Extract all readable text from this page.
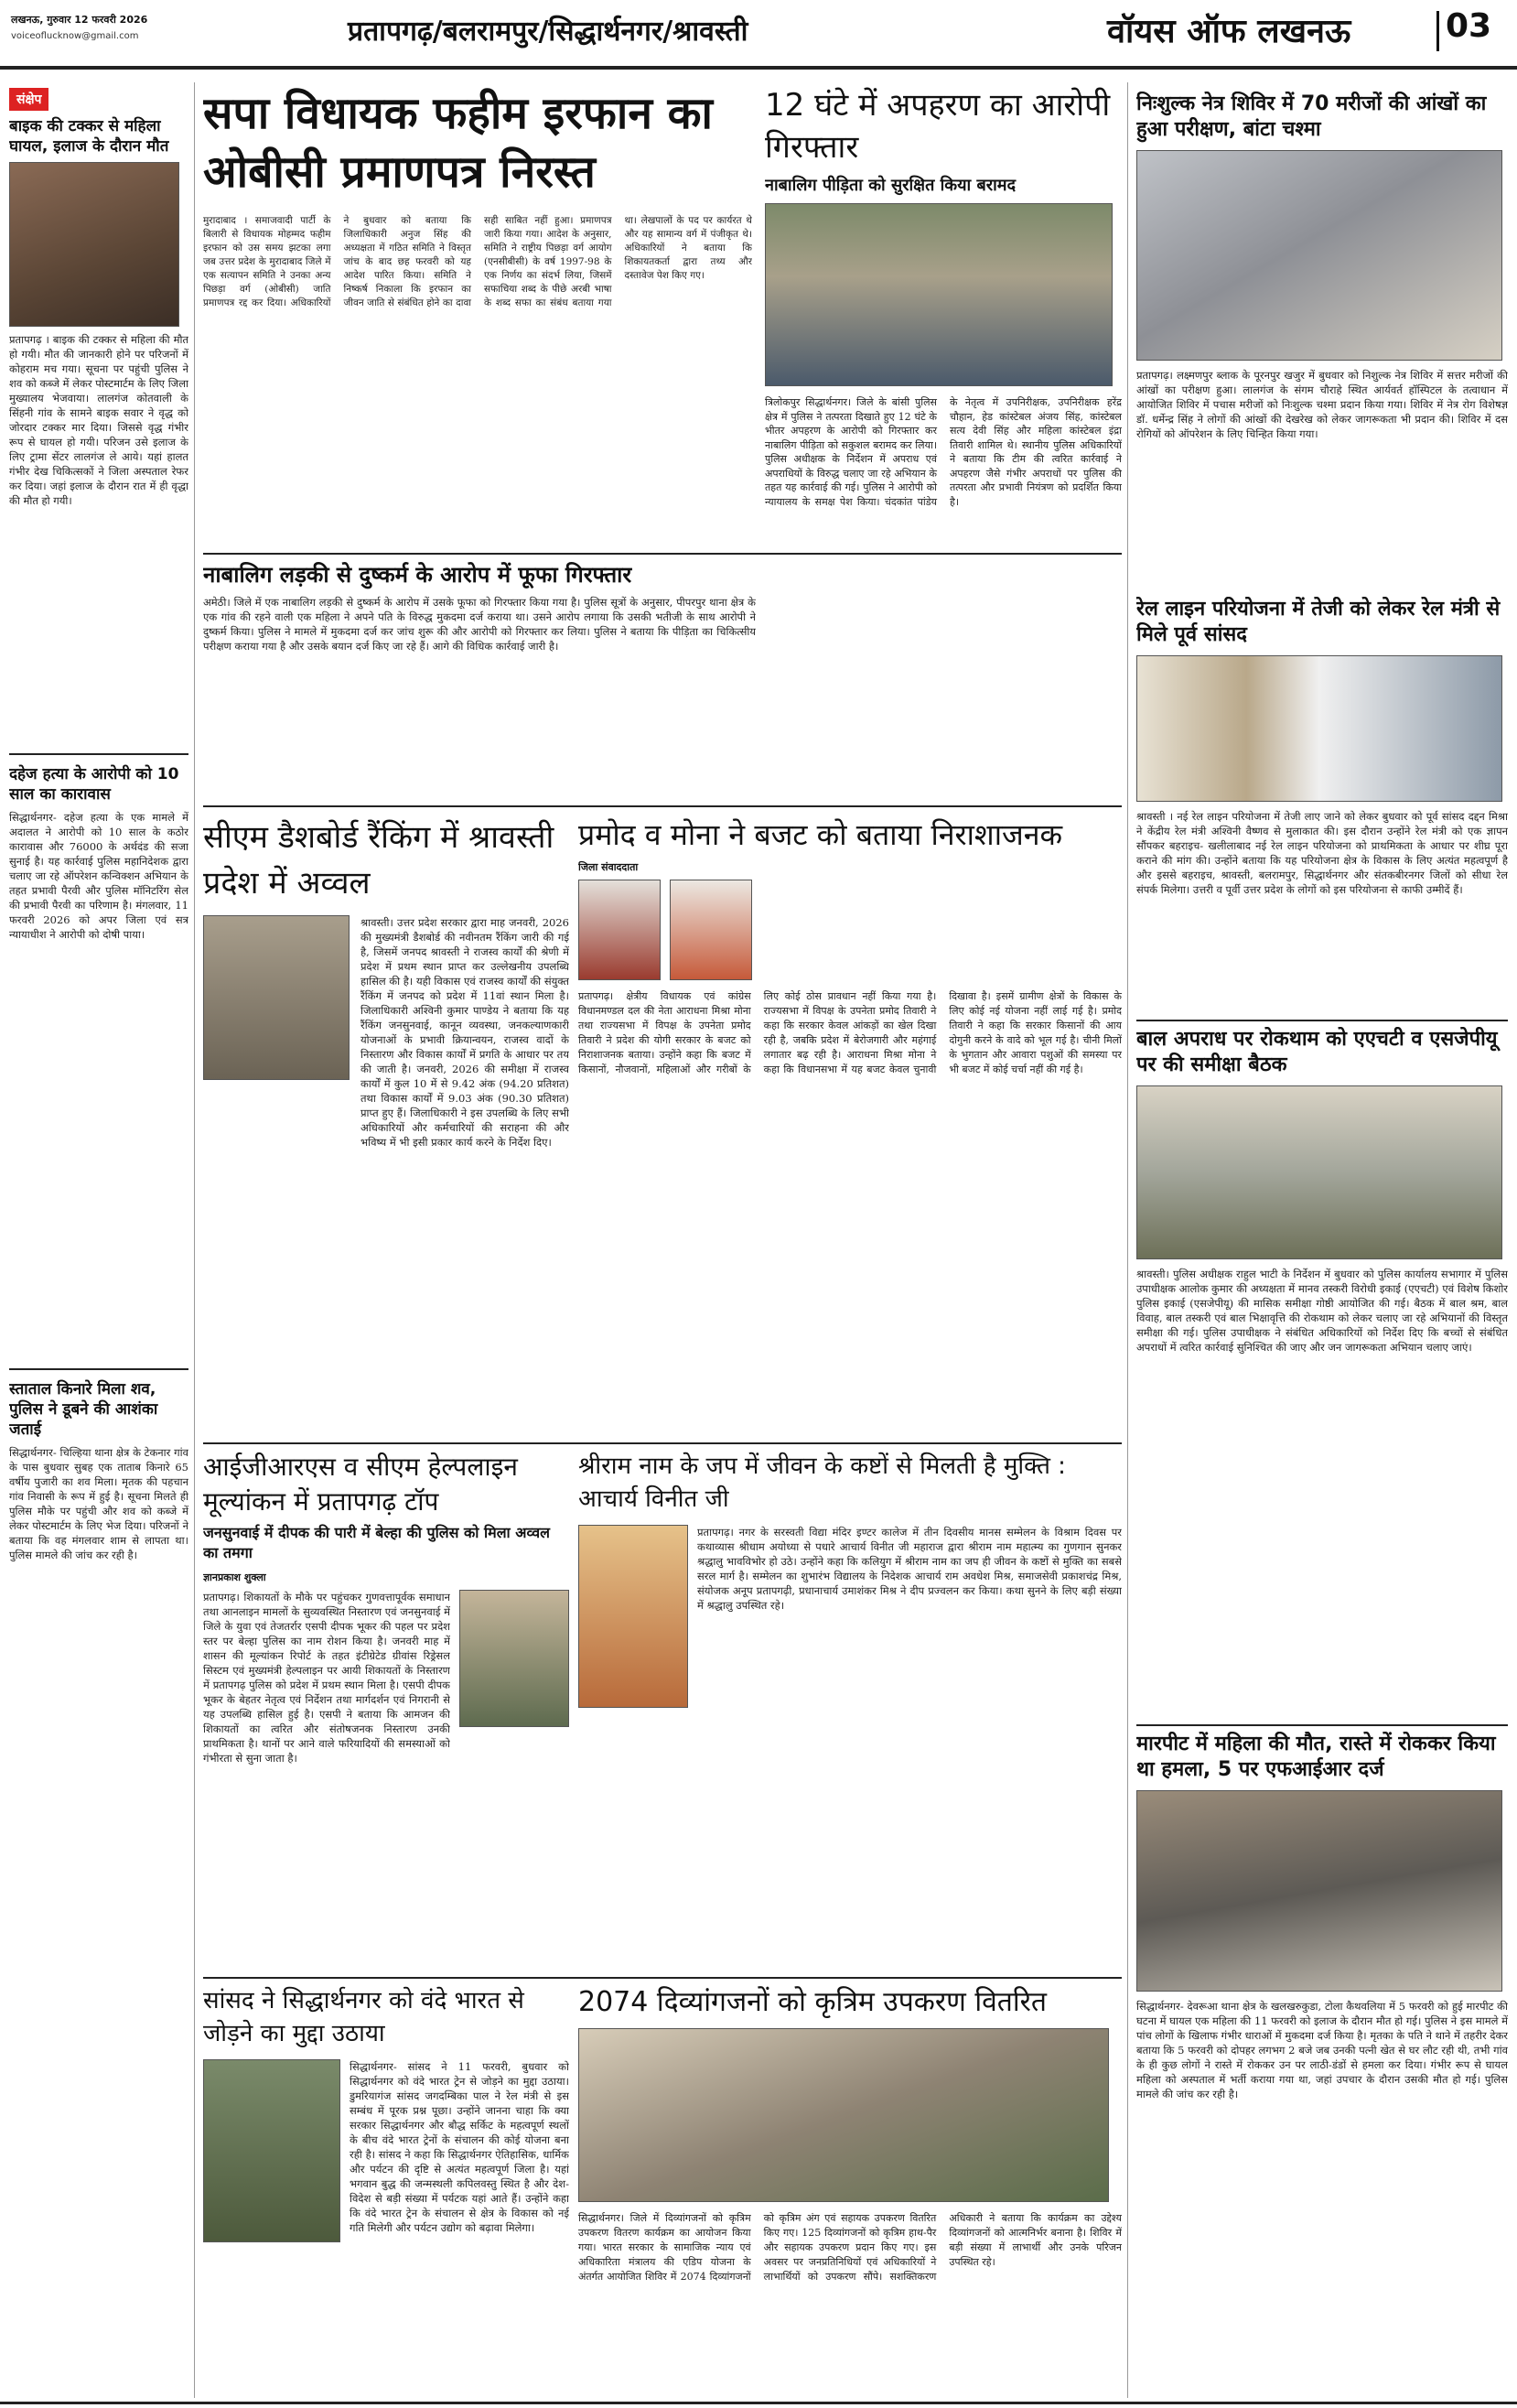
लखनऊ, गुरुवार 12 फरवरी 2026
voiceoflucknow@gmail.com	प्रतापगढ़/बलरामपुर/सिद्धार्थनगर/श्रावस्ती	वॉयस ऑफ लखनऊ	03
संक्षेप
बाइक की टक्कर से महिला घायल, इलाज के दौरान मौत
प्रतापगढ़ । बाइक की टक्कर से महिला की मौत हो गयी। मौत की जानकारी होने पर परिजनों में कोहराम मच गया। सूचना पर पहुंची पुलिस ने शव को कब्जे में लेकर पोस्टमार्टम के लिए जिला मुख्यालय भेजवाया। लालगंज कोतवाली के सिंहनी गांव के सामने बाइक सवार ने वृद्ध को जोरदार टक्कर मार दिया। जिससे वृद्ध गंभीर रूप से घायल हो गयी। परिजन उसे इलाज के लिए ट्रामा सेंटर लालगंज ले आये। यहां हालत गंभीर देख चिकित्सकों ने जिला अस्पताल रेफर कर दिया। जहां इलाज के दौरान रात में ही वृद्धा की मौत हो गयी।
दहेज हत्या के आरोपी को 10 साल का कारावास
सिद्धार्थनगर- दहेज हत्या के एक मामले में अदालत ने आरोपी को 10 साल के कठोर कारावास और 76000 के अर्थदंड की सजा सुनाई है। यह कार्रवाई पुलिस महानिदेशक द्वारा चलाए जा रहे ऑपरेशन कन्विक्शन अभियान के तहत प्रभावी पैरवी और पुलिस मॉनिटरिंग सेल की प्रभावी पैरवी का परिणाम है। मंगलवार, 11 फरवरी 2026 को अपर जिला एवं सत्र न्यायाधीश ने आरोपी को दोषी पाया।
स्ताताल किनारे मिला शव, पुलिस ने डूबने की आशंका जताई
सिद्धार्थनगर- चिल्हिया थाना क्षेत्र के टेकनार गांव के पास बुधवार सुबह एक ताताब किनारे 65 वर्षीय पुजारी का शव मिला। मृतक की पहचान गांव निवासी के रूप में हुई है। सूचना मिलते ही पुलिस मौके पर पहुंची और शव को कब्जे में लेकर पोस्टमार्टम के लिए भेज दिया। परिजनों ने बताया कि वह मंगलवार शाम से लापता था। पुलिस मामले की जांच कर रही है।
सपा विधायक फहीम इरफान का ओबीसी प्रमाणपत्र निरस्त
मुरादाबाद । समाजवादी पार्टी के बिलारी से विधायक मोहम्मद फहीम इरफान को उस समय झटका लगा जब उत्तर प्रदेश के मुरादाबाद जिले में एक सत्यापन समिति ने उनका अन्य पिछड़ा वर्ग (ओबीसी) जाति प्रमाणपत्र रद्द कर दिया। अधिकारियों ने बुधवार को बताया कि जिलाधिकारी अनुज सिंह की अध्यक्षता में गठित समिति ने विस्तृत जांच के बाद छह फरवरी को यह आदेश पारित किया। समिति ने निष्कर्ष निकाला कि इरफान का जीवन जाति से संबंधित होने का दावा सही साबित नहीं हुआ। प्रमाणपत्र जारी किया गया। आदेश के अनुसार, समिति ने राष्ट्रीय पिछड़ा वर्ग आयोग (एनसीबीसी) के वर्ष 1997-98 के एक निर्णय का संदर्भ लिया, जिसमें सफाचिया शब्द के पीछे अरबी भाषा के शब्द सफा का संबंध बताया गया था। लेखपालों के पद पर कार्यरत थे और यह सामान्य वर्ग में पंजीकृत थे। अधिकारियों ने बताया कि शिकायतकर्ता द्वारा तथ्य और दस्तावेज पेश किए गए।
12 घंटे में अपहरण का आरोपी गिरफ्तार
नाबालिग पीड़िता को सुरक्षित किया बरामद
त्रिलोकपुर सिद्धार्थनगर। जिले के बांसी पुलिस क्षेत्र में पुलिस ने तत्परता दिखाते हुए 12 घंटे के भीतर अपहरण के आरोपी को गिरफ्तार कर नाबालिग पीड़िता को सकुशल बरामद कर लिया। पुलिस अधीक्षक के निर्देशन में अपराध एवं अपराधियों के विरुद्ध चलाए जा रहे अभियान के तहत यह कार्रवाई की गई। पुलिस ने आरोपी को न्यायालय के समक्ष पेश किया। चंदकांत पांडेय के नेतृत्व में उपनिरीक्षक, उपनिरीक्षक हरेंद्र चौहान, हेड कांस्टेबल अंजय सिंह, कांस्टेबल सत्य देवी सिंह और महिला कांस्टेबल इंद्रा तिवारी शामिल थे। स्थानीय पुलिस अधिकारियों ने बताया कि टीम की त्वरित कार्रवाई ने अपहरण जैसे गंभीर अपराधों पर पुलिस की तत्परता और प्रभावी नियंत्रण को प्रदर्शित किया है।
निःशुल्क नेत्र शिविर में 70 मरीजों की आंखों का हुआ परीक्षण, बांटा चश्मा
प्रतापगढ़। लक्ष्मणपुर ब्लाक के पूरनपुर खजुर में बुधवार को निशुल्क नेत्र शिविर में सत्तर मरीजों की आंखों का परीक्षण हुआ। लालगंज के संगम चौराहे स्थित आर्यवर्त हॉस्पिटल के तत्वाधान में आयोजित शिविर में पचास मरीजों को निःशुल्क चश्मा प्रदान किया गया। शिविर में नेत्र रोग विशेषज्ञ डॉ. धर्मेन्द्र सिंह ने लोगों की आंखों की देखरेख को लेकर जागरूकता भी प्रदान की। शिविर में दस रोगियों को ऑपरेशन के लिए चिन्हित किया गया।
रेल लाइन परियोजना में तेजी को लेकर रेल मंत्री से मिले पूर्व सांसद
श्रावस्ती । नई रेल लाइन परियोजना में तेजी लाए जाने को लेकर बुधवार को पूर्व सांसद दद्दन मिश्रा ने केंद्रीय रेल मंत्री अश्विनी वैष्णव से मुलाकात की। इस दौरान उन्होंने रेल मंत्री को एक ज्ञापन सौंपकर बहराइच- खलीलाबाद नई रेल लाइन परियोजना को प्राथमिकता के आधार पर शीघ्र पूरा कराने की मांग की। उन्होंने बताया कि यह परियोजना क्षेत्र के विकास के लिए अत्यंत महत्वपूर्ण है और इससे बहराइच, श्रावस्ती, बलरामपुर, सिद्धार्थनगर और संतकबीरनगर जिलों को सीधा रेल संपर्क मिलेगा। उत्तरी व पूर्वी उत्तर प्रदेश के लोगों को इस परियोजना से काफी उम्मीदें हैं।
बाल अपराध पर रोकथाम को एएचटी व एसजेपीयू पर की समीक्षा बैठक
श्रावस्ती। पुलिस अधीक्षक राहुल भाटी के निर्देशन में बुधवार को पुलिस कार्यालय सभागार में पुलिस उपाधीक्षक आलोक कुमार की अध्यक्षता में मानव तस्करी विरोधी इकाई (एएचटी) एवं विशेष किशोर पुलिस इकाई (एसजेपीयू) की मासिक समीक्षा गोष्ठी आयोजित की गई। बैठक में बाल श्रम, बाल विवाह, बाल तस्करी एवं बाल भिक्षावृत्ति की रोकथाम को लेकर चलाए जा रहे अभियानों की विस्तृत समीक्षा की गई। पुलिस उपाधीक्षक ने संबंधित अधिकारियों को निर्देश दिए कि बच्चों से संबंधित अपराधों में त्वरित कार्रवाई सुनिश्चित की जाए और जन जागरूकता अभियान चलाए जाएं।
मारपीट में महिला की मौत, रास्ते में रोककर किया था हमला, 5 पर एफआईआर दर्ज
सिद्धार्थनगर- देवरूआ थाना क्षेत्र के खलखरुकुडा, टोला कैथवलिया में 5 फरवरी को हुई मारपीट की घटना में घायल एक महिला की 11 फरवरी को इलाज के दौरान मौत हो गई। पुलिस ने इस मामले में पांच लोगों के खिलाफ गंभीर धाराओं में मुकदमा दर्ज किया है। मृतका के पति ने थाने में तहरीर देकर बताया कि 5 फरवरी को दोपहर लगभग 2 बजे जब उनकी पत्नी खेत से घर लौट रही थी, तभी गांव के ही कुछ लोगों ने रास्ते में रोककर उन पर लाठी-डंडों से हमला कर दिया। गंभीर रूप से घायल महिला को अस्पताल में भर्ती कराया गया था, जहां उपचार के दौरान उसकी मौत हो गई। पुलिस मामले की जांच कर रही है।
नाबालिग लड़की से दुष्कर्म के आरोप में फूफा गिरफ्तार
अमेठी। जिले में एक नाबालिग लड़की से दुष्कर्म के आरोप में उसके फूफा को गिरफ्तार किया गया है। पुलिस सूत्रों के अनुसार, पीपरपुर थाना क्षेत्र के एक गांव की रहने वाली एक महिला ने अपने पति के विरुद्ध मुकदमा दर्ज कराया था। उसने आरोप लगाया कि उसकी भतीजी के साथ आरोपी ने दुष्कर्म किया। पुलिस ने मामले में मुकदमा दर्ज कर जांच शुरू की और आरोपी को गिरफ्तार कर लिया। पुलिस ने बताया कि पीड़िता का चिकित्सीय परीक्षण कराया गया है और उसके बयान दर्ज किए जा रहे हैं। आगे की विधिक कार्रवाई जारी है।
सीएम डैशबोर्ड रैंकिंग में श्रावस्ती प्रदेश में अव्वल
श्रावस्ती। उत्तर प्रदेश सरकार द्वारा माह जनवरी, 2026 की मुख्यमंत्री डैशबोर्ड की नवीनतम रैंकिंग जारी की गई है, जिसमें जनपद श्रावस्ती ने राजस्व कार्यों की श्रेणी में प्रदेश में प्रथम स्थान प्राप्त कर उल्लेखनीय उपलब्धि हासिल की है। यही विकास एवं राजस्व कार्यों की संयुक्त रैंकिंग में जनपद को प्रदेश में 11वां स्थान मिला है। जिलाधिकारी अश्विनी कुमार पाण्डेय ने बताया कि यह रैंकिंग जनसुनवाई, कानून व्यवस्था, जनकल्याणकारी योजनाओं के प्रभावी क्रियान्वयन, राजस्व वादों के निस्तारण और विकास कार्यों में प्रगति के आधार पर तय की जाती है। जनवरी, 2026 की समीक्षा में राजस्व कार्यों में कुल 10 में से 9.42 अंक (94.20 प्रतिशत) तथा विकास कार्यों में 9.03 अंक (90.30 प्रतिशत) प्राप्त हुए हैं। जिलाधिकारी ने इस उपलब्धि के लिए सभी अधिकारियों और कर्मचारियों की सराहना की और भविष्य में भी इसी प्रकार कार्य करने के निर्देश दिए।
प्रमोद व मोना ने बजट को बताया निराशाजनक
जिला संवाददाता
प्रतापगढ़। क्षेत्रीय विधायक एवं कांग्रेस विधानमण्डल दल की नेता आराधना मिश्रा मोना तथा राज्यसभा में विपक्ष के उपनेता प्रमोद तिवारी ने प्रदेश की योगी सरकार के बजट को निराशाजनक बताया। उन्होंने कहा कि बजट में किसानों, नौजवानों, महिलाओं और गरीबों के लिए कोई ठोस प्रावधान नहीं किया गया है। राज्यसभा में विपक्ष के उपनेता प्रमोद तिवारी ने कहा कि सरकार केवल आंकड़ों का खेल दिखा रही है, जबकि प्रदेश में बेरोजगारी और महंगाई लगातार बढ़ रही है। आराधना मिश्रा मोना ने कहा कि विधानसभा में यह बजट केवल चुनावी दिखावा है। इसमें ग्रामीण क्षेत्रों के विकास के लिए कोई नई योजना नहीं लाई गई है। प्रमोद तिवारी ने कहा कि सरकार किसानों की आय दोगुनी करने के वादे को भूल गई है। चीनी मिलों के भुगतान और आवारा पशुओं की समस्या पर भी बजट में कोई चर्चा नहीं की गई है।
आईजीआरएस व सीएम हेल्पलाइन मूल्यांकन में प्रतापगढ़ टॉप
जनसुनवाई में दीपक की पारी में बेल्हा की पुलिस को मिला अव्वल का तमगा
ज्ञानप्रकाश शुक्ला
प्रतापगढ़। शिकायतों के मौके पर पहुंचकर गुणवत्तापूर्वक समाधान तथा आनलाइन मामलों के सुव्यवस्थित निस्तारण एवं जनसुनवाई में जिले के युवा एवं तेजतर्रार एसपी दीपक भूकर की पहल पर प्रदेश स्तर पर बेल्हा पुलिस का नाम रोशन किया है। जनवरी माह में शासन की मूल्यांकन रिपोर्ट के तहत इंटीग्रेटेड ग्रीवांस रिड्रेसल सिस्टम एवं मुख्यमंत्री हेल्पलाइन पर आयी शिकायतों के निस्तारण में प्रतापगढ़ पुलिस को प्रदेश में प्रथम स्थान मिला है। एसपी दीपक भूकर के बेहतर नेतृत्व एवं निर्देशन तथा मार्गदर्शन एवं निगरानी से यह उपलब्धि हासिल हुई है। एसपी ने बताया कि आमजन की शिकायतों का त्वरित और संतोषजनक निस्तारण उनकी प्राथमिकता है। थानों पर आने वाले फरियादियों की समस्याओं को गंभीरता से सुना जाता है।
श्रीराम नाम के जप में जीवन के कष्टों से मिलती है मुक्ति : आचार्य विनीत जी
प्रतापगढ़। नगर के सरस्वती विद्या मंदिर इण्टर कालेज में तीन दिवसीय मानस सम्मेलन के विश्राम दिवस पर कथाव्यास श्रीधाम अयोध्या से पधारे आचार्य विनीत जी महाराज द्वारा श्रीराम नाम महात्म्य का गुणगान सुनकर श्रद्धालु भावविभोर हो उठे। उन्होंने कहा कि कलियुग में श्रीराम नाम का जप ही जीवन के कष्टों से मुक्ति का सबसे सरल मार्ग है। सम्मेलन का शुभारंभ विद्यालय के निदेशक आचार्य राम अवधेश मिश्र, समाजसेवी प्रकाशचंद्र मिश्र, संयोजक अनूप प्रतापगढ़ी, प्रधानाचार्य उमाशंकर मिश्र ने दीप प्रज्वलन कर किया। कथा सुनने के लिए बड़ी संख्या में श्रद्धालु उपस्थित रहे।
सांसद ने सिद्धार्थनगर को वंदे भारत से जोड़ने का मुद्दा उठाया
सिद्धार्थनगर- सांसद ने 11 फरवरी, बुधवार को सिद्धार्थनगर को वंदे भारत ट्रेन से जोड़ने का मुद्दा उठाया। डुमरियागंज सांसद जगदम्बिका पाल ने रेल मंत्री से इस सम्बंध में पूरक प्रश्न पूछा। उन्होंने जानना चाहा कि क्या सरकार सिद्धार्थनगर और बौद्ध सर्किट के महत्वपूर्ण स्थलों के बीच वंदे भारत ट्रेनों के संचालन की कोई योजना बना रही है। सांसद ने कहा कि सिद्धार्थनगर ऐतिहासिक, धार्मिक और पर्यटन की दृष्टि से अत्यंत महत्वपूर्ण जिला है। यहां भगवान बुद्ध की जन्मस्थली कपिलवस्तु स्थित है और देश-विदेश से बड़ी संख्या में पर्यटक यहां आते हैं। उन्होंने कहा कि वंदे भारत ट्रेन के संचालन से क्षेत्र के विकास को नई गति मिलेगी और पर्यटन उद्योग को बढ़ावा मिलेगा।
2074 दिव्यांगजनों को कृत्रिम उपकरण वितरित
सिद्धार्थनगर। जिले में दिव्यांगजनों को कृत्रिम उपकरण वितरण कार्यक्रम का आयोजन किया गया। भारत सरकार के सामाजिक न्याय एवं अधिकारिता मंत्रालय की एडिप योजना के अंतर्गत आयोजित शिविर में 2074 दिव्यांगजनों को कृत्रिम अंग एवं सहायक उपकरण वितरित किए गए। 125 दिव्यांगजनों को कृत्रिम हाथ-पैर और सहायक उपकरण प्रदान किए गए। इस अवसर पर जनप्रतिनिधियों एवं अधिकारियों ने लाभार्थियों को उपकरण सौंपे। सशक्तिकरण अधिकारी ने बताया कि कार्यक्रम का उद्देश्य दिव्यांगजनों को आत्मनिर्भर बनाना है। शिविर में बड़ी संख्या में लाभार्थी और उनके परिजन उपस्थित रहे।
